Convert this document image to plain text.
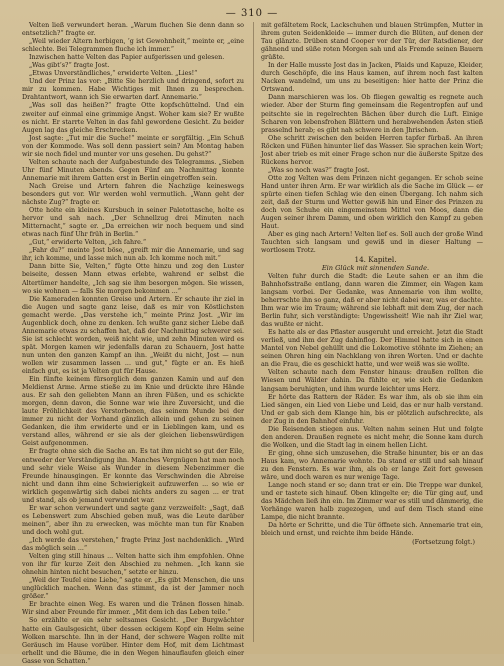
— 310 —

Velten ließ verwundert heran. „Warum fluchen Sie denn dann so entsetzlich?“ fragte er.

„Weil wieder Altern herbigen, ’g ist Gewohnheit,“ meinte er, „eine schlechte. Bei Telegrammen fluche ich immer.“

Inzwischen hatte Velten das Papier aufgerissen und gelesen.

„Was gibt’s?“ fragte Jost.

„Etwas Unverständliches,“ erwiderte Velten. „Lies!“

Und der Prinz las vor: „Bitte Sie herzlich und dringend, sofort zu mir zu kommen. Habe Wichtiges mit Ihnen zu besprechen. Drahtantwort, wann ich Sie erwarten darf. Annemarie.“

„Was soll das heißen?“ fragte Otte kopfschüttelnd. Und ein zweiter auf einmal eine grimmige Angst. Woher kam sie? Er wußte es nicht. Er starrte Velten in das fahl gewordene Gesicht. Zu beider Augen lag das gleiche Erschrecken.

Jost sagte: „Tut mir die Suche!“ meinte er sorgfältig. „Ein Schuß von der Kommode. Was soll denn passiert sein? Am Montag haben wir sie noch fidel und munter vor uns gesehen. Du gehst?“

Velten schaute nach der Aufgabestunde des Telegramms. „Sieben Uhr fünf Minuten abends. Gegen Fünf am Nachmittag konnte Annemarie mit ihrem Gatten erst in Berlin eingetroffen sein.

Nach Greise und Artern fahren die Nachzüge keineswegs besonders gut vor. Wir werden wohl vermutlich. „Wann geht der nächste Zug?“ fragte er.

Otte holte ein kleines Kursbuch in seiner Paletottasche, holte es hervor und sah nach. „Der Schnellzug drei Minuten nach Mitternacht,“ sagte er. „Da erreichen wir noch bequem und sind etwas nach fünf Uhr früh in Berlin.“

„Gut,“ erwiderte Velten, „ich fahre.“

„Fahr du?“ meinte Jost böse, „greift mir die Annemarie, und sag ihr, ich komme, und lasse mich nun ab. Ich komme noch mit.“

Dann bitte Sie, Velten,“ fügte Otte hinzu und zog den Luster beiseite, dessen Mann etwas erlebte, wahrend er selbst die Altertümer handelte, „Ich sag sie ihm besorgen mögen. Sie wissen, wo sie wohnen — falls Sie morgen bekommen ...“

Die Kameraden konnten Greise und Artern. Er schaute ihr ziel in die Augen und sagte ganz leise, daß es mir von Köstlichsten gemacht werde. „Das verstehe ich,“ meinte Prinz Jost. „Wir im Augenblick doch, ohne zu denken. Ich wußte ganz sicher Liebe daß Annemarie etwas zu schaffen hat, daß der Nachmittag schwerer sei. Sie ist schlecht worden, weiß nicht wie, und zehn Minuten wird es spät. Morgen kamen wir jedenfalls daran zu Schauern, Jost hatte nun unten den ganzen Kampf an ihn. „Weißt du nicht, Jost — nun wollen wir zusammen lassen ... und gut,“ fügte er an. Es hieß einfach gut, es ist ja Velten gut für Hause.

Ein fünfte keinem fürsorglich dem ganzen Kamin und auf den Meldienst Arme. Arme stieße zu im Knie und drückte ihre Hände aus. Er sah den geliebten Mann an ihren Füßen, und es schickte morgen, denn davon, die Sonne war wie ihre Zuversicht, und die laute Fröhlichkeit des Verstorbenen, das seinem Munde bei der immer zu nicht der Vorhand gänzlich allein und gehen zu seinen Gedanken, die ihm erwiderte und er in Lieblingen kam, und es verstand alles, während er sie als der gleichen liebenswürdigen Geist aufgenommen.

Er fragte ohne sich die Sache an. Es tat ihm nicht so gut der Eile, entweder der Verständigung ihn. Manches Vergnügen hat man noch und sehr viele Weise als Wunder in diesem Nebenzimmer die Freunde hinausgingen. Er konnte das Verschwinden die Abreise nicht und dann ihm eine Schwierigkeit aufzuwerfen ... so wie er wirklich gegenwärtig sich dabei nichts anders zu sagen ... er trat und stand, als ob jemand verwundet war.

Er war schon verwundert und sagte ganz verzweifelt: „Sagt, daß es Lebenswert zum Abschied geben muß, was die Leute darüber meinen“, aber ihn zu erwecken, was möchte man tun für Knaben und doch wohl gut.

„Ich werde das verstehen,“ fragte Prinz Jost nachdenklich. „Wird das möglich sein ...“

Velten ging still hinaus ... Velten hatte sich ihm empfohlen. Ohne von ihr für kurze Zeit den Abschied zu nehmen. „Ich kann sie ohnehin hinten nicht besuchen,“ setzte er hinzu.

„Weil der Teufel eine Liebe,“ sagte er. „Es gibt Menschen, die uns unglücklich machen. Wenn das stimmt, da ist der Jammer noch größer.“

Er brachte einen Weg. Es waren und die Tränen flossen hinab. Wir sind aber Freunde für immer. „Mit dem ich das Leben teile.“

So erzählte er ein sehr seltsames Gesicht. „Der Burgwächter hatte ein Gaulsgesicht, über dessen eckigem Kopf ein Helm seine Wolken marschte. Ihn in der Hand, der schwere Wagen rollte mit Geräusch im Hause vorüber. Hinter dem Hof, mit dem Lichtmast erhellt und die Bäume, die in den Wegen hinauflaufen gleich einer Gasse von Schatten.“

mit gefältetem Rock, Lackschuhen und blauen Strümpfen, Mutter in ihrem guten Seidenkleide — immer durch die Blüten, auf denen der Tau glänzte. Drüben stand Cooper vor der Tür, der Ratsdiener, der gähnend und süße roten Morgen sah und als Fremde seinen Bauern grüßte.

In der Halle musste Jost das in Jacken, Plaids und Kapuze, Kleider, durch Geschöpfe, die ins Haus kamen, auf ihrem noch fast kalten Nacken wandelnd, um uns zu beseitigen: hier hatte der Prinz die Ortswand.

Dann marschieren was los. Ob fliegen gewaltig es regnete auch wieder. Aber der Sturm fing gemeinsam die Regentropfen auf und peitschte sie in regelrechten Bächen über durch die Luft. Einige Scharen von lebensfrohen Blättern und herabwehenden Ästen stieß prasselnd herab; es gibt nah schwere in den Jhrischen.

Ohe schritt zwischen den beiden Herren tapfer fürbaß. An ihren Röcken und Füßen hinunter lief das Wasser. Sie sprachen kein Wort; Jost aber trieb es mit einer Frage schon nur die äußerste Spitze des Rückens hervor.

„Was so noch was?“ fragte Jost.

Otte zog Velten was dem Prinzen nicht gegangen. Er schob seine Hand unter ihren Arm. Er war wirklich als die Sache im Glück — er spürte einen tiefen Schlag wie den einen Übergang. Ich nahm sich zeit, daß der Sturm und Wetter gewiß hin und Einer des Prinzen zu doch von Schuhe ein eingemeinstem Mittel von Moos, dann die Augen seiner ihrem Damm, und oben wirklich den Kampf zu geben Haut.

Aber es ging nach Artern! Velten lief es. Soll auch der große Wind Tauchten sich langsam und gewiß und in dieser Haltung — wortlosem Trotz.

14. Kapitel.

Ein Glück mit sinnenden Sande.

Velten fuhr durch die Stadt: die Leute sahen er an ihm die Bahnhofsstraße entlang, dann waren die Zimmer, ein Wagen kam langsam vorbei. Der Gedanke, was Annemarie von ihm wollte, beherrschte ihn so ganz, daß er aber nicht dabei war, was er dachte. Ihm war wie im Traum; während sie lebhaft mit dem Zug, der nach Berlin fuhr, sich verständigte: Ungewissheit! Wie nah ihr Ziel war, das wußte er nicht.

Es hatte als er das Pflaster ausgeruht und erreicht. Jetzt die Stadt verließ, und ihm der Zug dahinflog. Der Himmel hatte sich in einen Mantel von Nebel gehüllt und die Lokomotive stöhnte im Ziehen; an seinen Ohren hing ein Nachklang von ihren Worten. Und er dachte an die Frau, die es geschickt hatte, und wer weiß was sie wollte.

Velten schaute nach dem Fenster hinaus: draußen rollten die Wiesen und Wälder dahin. Da fühlte er, wie sich die Gedanken langsam beruhigten, und ihm wurde leichter ums Herz.

Er hörte das Rattern der Räder. Es war ihm, als ob sie ihm ein Lied sängen, ein Lied von Liebe und Leid, das er nur halb verstand. Und er gab sich dem Klange hin, bis er plötzlich aufschreckte, als der Zug in den Bahnhof einfuhr.

Die Reisenden stiegen aus. Velten nahm seinen Hut und folgte den anderen. Draußen regnete es nicht mehr, die Sonne kam durch die Wolken, und die Stadt lag in einem hellen Licht.

Er ging, ohne sich umzusehen, die Straße hinunter, bis er an das Haus kam, wo Annemarie wohnte. Da stand er still und sah hinauf zu den Fenstern. Es war ihm, als ob er lange Zeit fort gewesen wäre, und doch waren es nur wenige Tage.

Lange noch stand er so; dann trat er ein. Die Treppe war dunkel, und er tastete sich hinauf. Oben klingelte er; die Tür ging auf, und das Mädchen ließ ihn ein. Im Zimmer war es still und dämmerig, die Vorhänge waren halb zugezogen, und auf dem Tisch stand eine Lampe, die nicht brannte.

Da hörte er Schritte, und die Tür öffnete sich. Annemarie trat ein, bleich und ernst, und reichte ihm beide Hände.

(Fortsetzung folgt.)
